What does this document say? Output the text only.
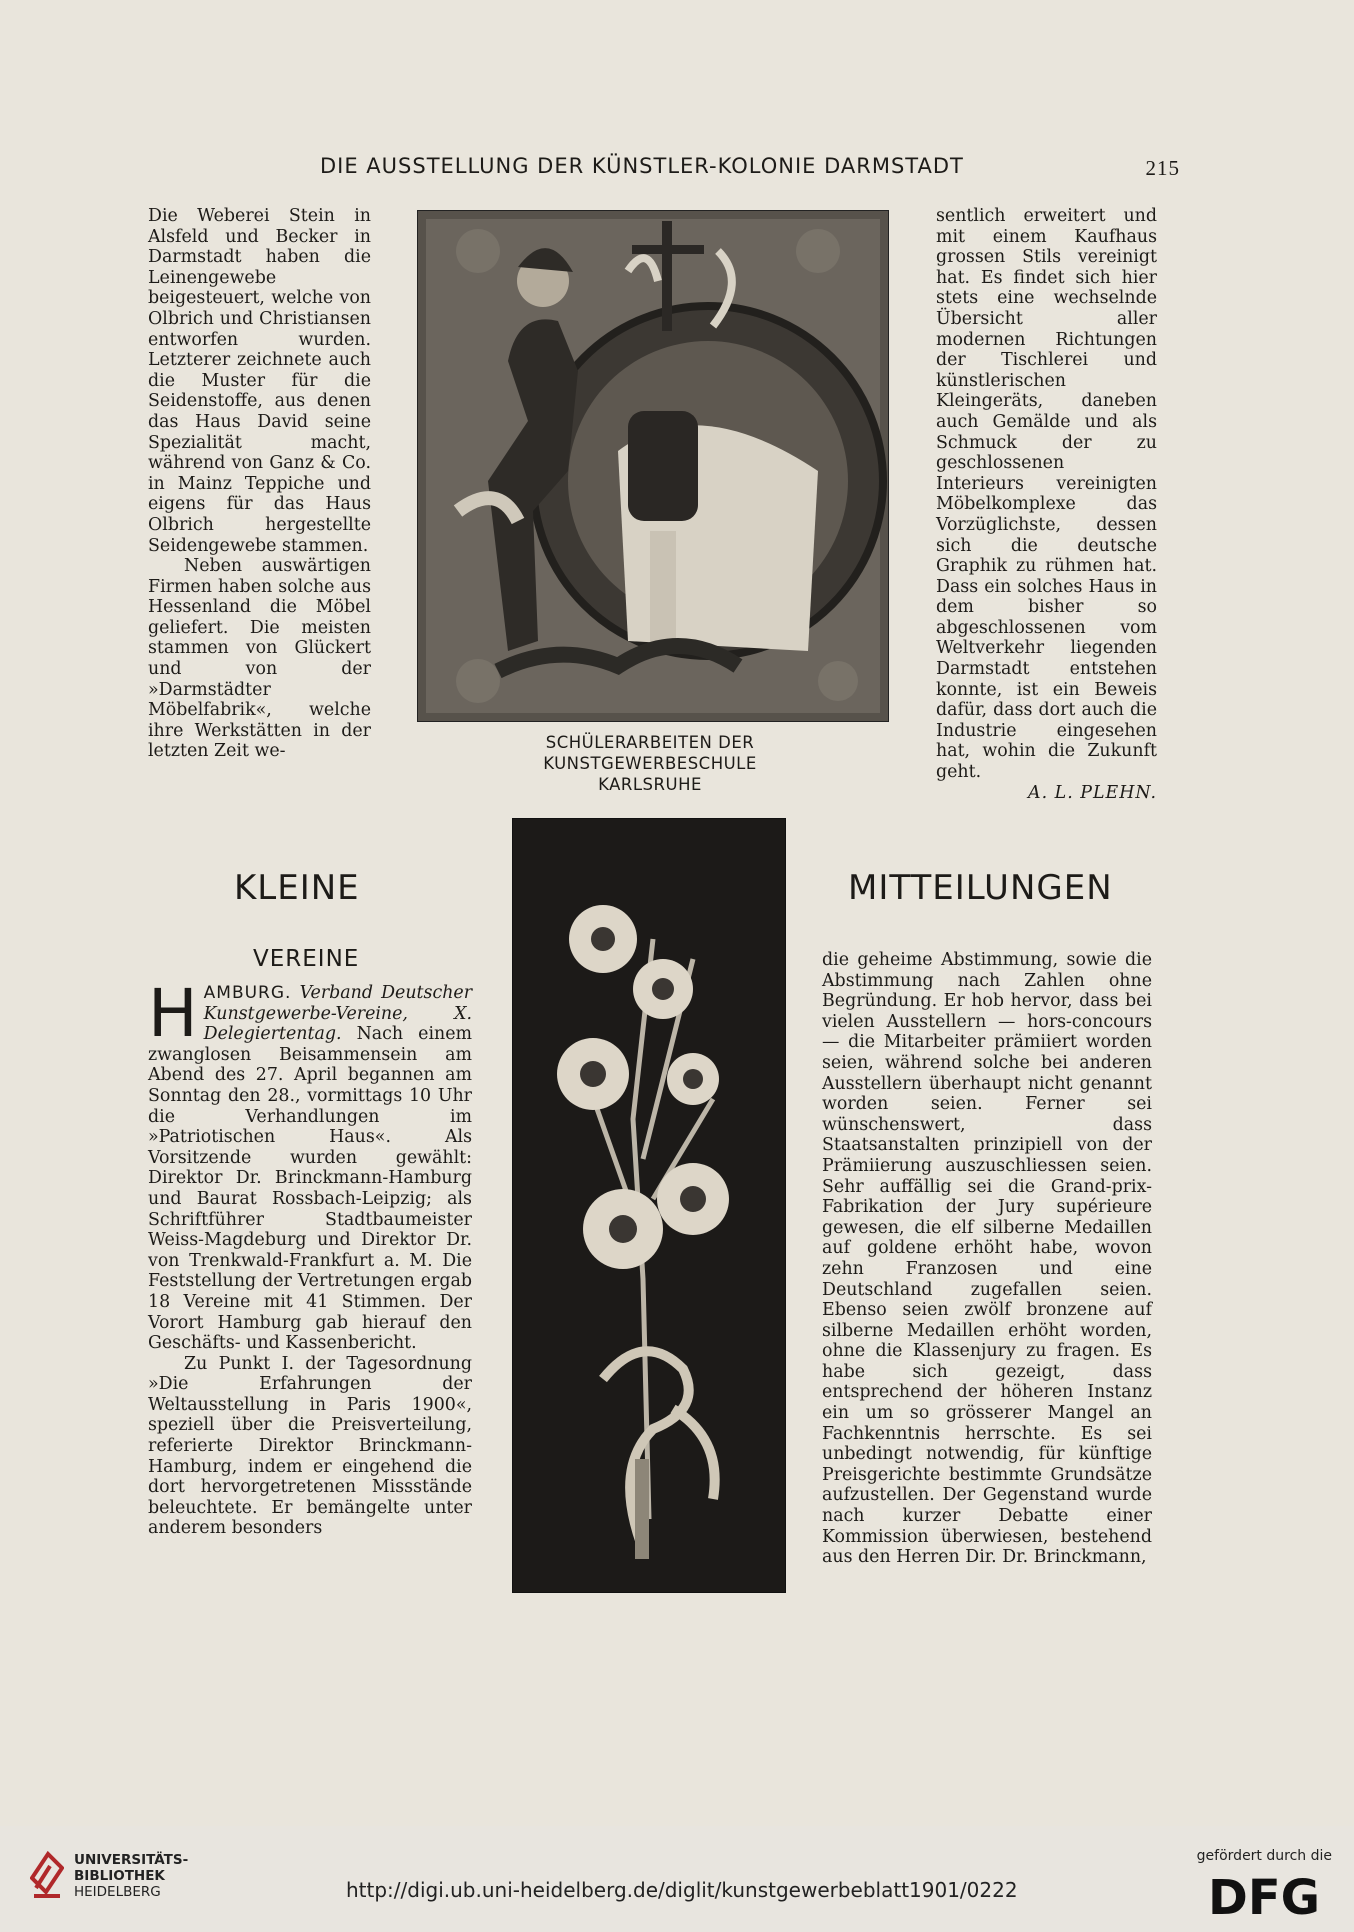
DIE AUSSTELLUNG DER KÜNSTLER-KOLONIE DARMSTADT	215

Die Weberei Stein in Alsfeld und Becker in Darmstadt haben die Leinengewebe beigesteuert, welche von Olbrich und Christiansen entworfen wurden. Letzterer zeichnete auch die Muster für die Seidenstoffe, aus denen das Haus David seine Spezialität macht, während von Ganz & Co. in Mainz Teppiche und eigens für das Haus Olbrich hergestellte Seidengewebe stammen.

Neben auswärtigen Firmen haben solche aus Hessenland die Möbel geliefert. Die meisten stammen von Glückert und von der »Darmstädter Möbelfabrik«, welche ihre Werkstätten in der letzten Zeit we-

sentlich erweitert und mit einem Kaufhaus grossen Stils vereinigt hat. Es findet sich hier stets eine wechselnde Übersicht aller modernen Richtungen der Tischlerei und künstlerischen Kleingeräts, daneben auch Gemälde und als Schmuck der zu geschlossenen Interieurs vereinigten Möbelkomplexe das Vorzüglichste, dessen sich die deutsche Graphik zu rühmen hat. Dass ein solches Haus in dem bisher so abgeschlossenen vom Weltverkehr liegenden Darmstadt entstehen konnte, ist ein Beweis dafür, dass dort auch die Industrie eingesehen hat, wohin die Zukunft geht.

A. L. PLEHN.

SCHÜLERARBEITEN DER
KUNSTGEWERBESCHULE
KARLSRUHE
KLEINE	MITTEILUNGEN
VEREINE

H AMBURG. Verband Deutscher Kunstgewerbe-Vereine, X. Delegiertentag. Nach einem zwanglosen Beisammensein am Abend des 27. April begannen am Sonntag den 28., vormittags 10 Uhr die Verhandlungen im »Patriotischen Haus«. Als Vorsitzende wurden gewählt: Direktor Dr. Brinckmann-Hamburg und Baurat Rossbach-Leipzig; als Schriftführer Stadtbaumeister Weiss-Magdeburg und Direktor Dr. von Trenkwald-Frankfurt a. M. Die Feststellung der Vertretungen ergab 18 Vereine mit 41 Stimmen. Der Vorort Hamburg gab hierauf den Geschäfts- und Kassenbericht.

Zu Punkt I. der Tagesordnung »Die Erfahrungen der Weltausstellung in Paris 1900«, speziell über die Preisverteilung, referierte Direktor Brinckmann-Hamburg, indem er eingehend die dort hervorgetretenen Missstände beleuchtete. Er bemängelte unter anderem besonders

die geheime Abstimmung, sowie die Abstimmung nach Zahlen ohne Begründung. Er hob hervor, dass bei vielen Ausstellern — hors-concours — die Mitarbeiter prämiiert worden seien, während solche bei anderen Ausstellern überhaupt nicht genannt worden seien. Ferner sei wünschenswert, dass Staatsanstalten prinzipiell von der Prämiierung auszuschliessen seien. Sehr auffällig sei die Grand-prix-Fabrikation der Jury supérieure gewesen, die elf silberne Medaillen auf goldene erhöht habe, wovon zehn Franzosen und eine Deutschland zugefallen seien. Ebenso seien zwölf bronzene auf silberne Medaillen erhöht worden, ohne die Klassenjury zu fragen. Es habe sich gezeigt, dass entsprechend der höheren Instanz ein um so grösserer Mangel an Fachkenntnis herrschte. Es sei unbedingt notwendig, für künftige Preisgerichte bestimmte Grundsätze aufzustellen. Der Gegenstand wurde nach kurzer Debatte einer Kommission überwiesen, bestehend aus den Herren Dir. Dr. Brinckmann,

UNIVERSITÄTS-
BIBLIOTHEK
HEIDELBERG	http://digi.ub.uni-heidelberg.de/diglit/kunstgewerbeblatt1901/0222
gefördert durch die
DFG
